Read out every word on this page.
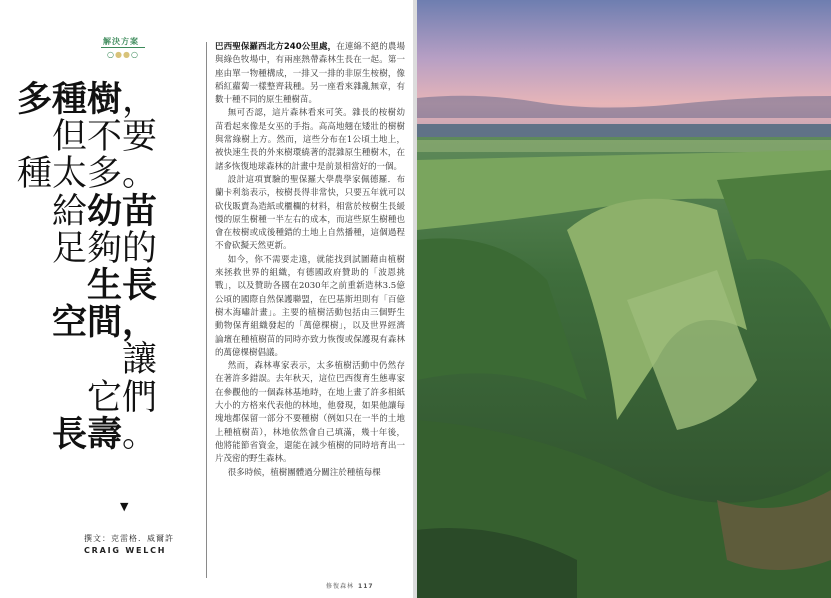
解決方案
○●●○
多種樹，
但不要
種太多。
給幼苗
足夠的
生長
空間，
讓
它們
長壽。
▼
撰文：克雷格．威爾許
CRAIG WELCH

巴西聖保羅西北方240公里處，在連綿不絕的農場與綠色牧場中，有兩座熱帶森林生長在一起。第一座由單一物種構成，一排又一排的非原生桉樹，像稻紅蘿蔔一樣整齊栽種。另一座看來雜亂無章，有數十種不同的原生種樹苗。

無可否認，這片森林看來可笑。雜長的桉樹幼苗看起來像是女巫的手指。高高地翹在矮壯的樹樹與常綠樹上方。然而，這些分布在1公頃土地上，被快速生長的外來樹環繞著的混雜原生種樹木，在諸多恢復地球森林的計畫中是前景相當好的一個。

設計這項實驗的聖保羅大學農學家佩德羅．布蘭卡利翁表示，桉樹長得非常快，只要五年就可以砍伐販賣為造紙或櫃欄的材料，相當於桉樹生長緩慢的原生樹種一半左右的成本，而這些原生樹種也會在桉樹或成後種錯的土地上自然播種，這個過程不會砍擬天然更新。

如今，你不需要走遠，就能找到試圖藉由植樹來拯救世界的組織，有德國政府贊助的「波恩挑戰」，以及贊助各國在2030年之前重新造林3.5億公頃的國際自然保護聯盟，在巴基斯坦則有「百億樹木海嘯計畫」。主要的植樹活動包括由三個野生動物保育組織發起的「萬億棵樹」，以及世界經濟論壇在種植樹苗的同時亦致力恢復或保護現有森林的萬億棵樹倡議。

然而，森林專家表示，太多植樹活動中仍然存在著許多錯誤。去年秋天，這位巴西復育生態專家在參觀他的一個森林基地時，在地上畫了許多相紙大小的方格來代表他的林地，他發現，如果他讓每塊地都保留一部分不要種樹（例如只在一半的土地上種植樹苗），林地依然會自己填滿，幾十年後，他將能節省資金，還能在減少植樹的同時培育出一片茂密的野生森林。

很多時候，植樹團體過分關注於種植每棵

修復森林 117
